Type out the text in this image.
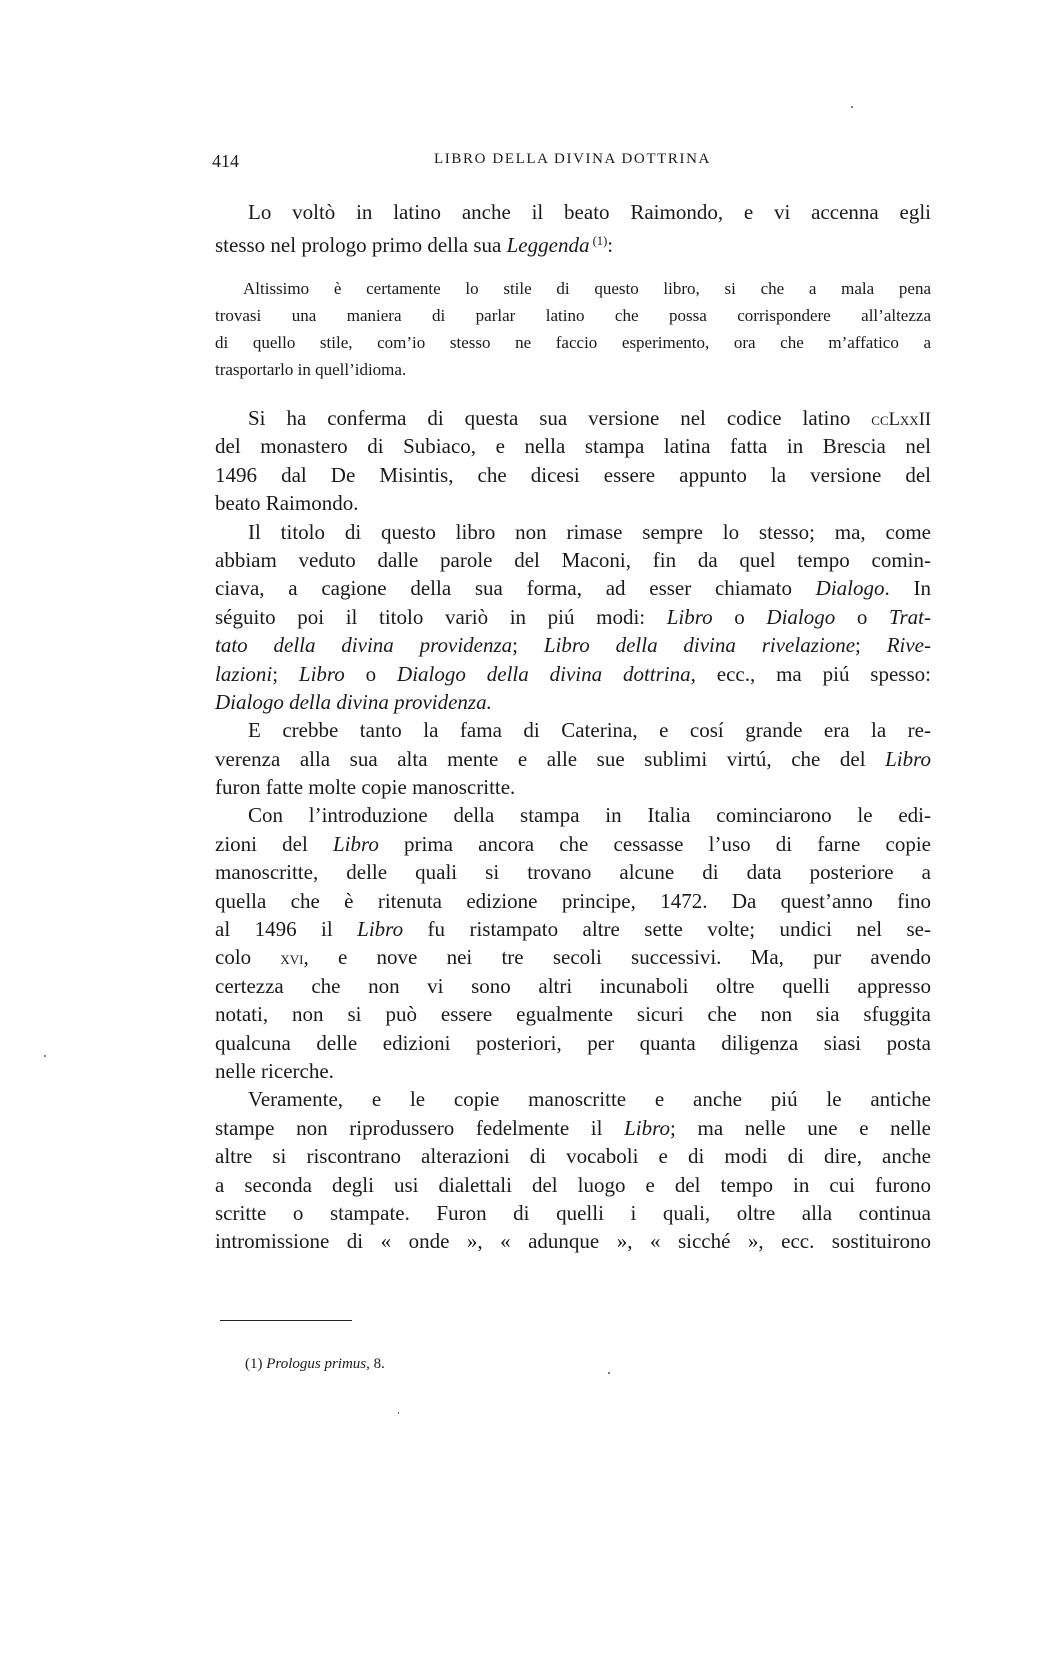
414	LIBRO DELLA DIVINA DOTTRINA
Lo voltò in latino anche il beato Raimondo, e vi accenna egli
stesso nel prologo primo della sua Leggenda $^{(1)}$:
Altissimo è certamente lo stile di questo libro, si che a mala pena
trovasi una maniera di parlar latino che possa corrispondere all’altezza
di quello stile, com’io stesso ne faccio esperimento, ora che m’affatico a
trasportarlo in quell’idioma.
Si ha conferma di questa sua versione nel codice latino ccLxxII
del monastero di Subiaco, e nella stampa latina fatta in Brescia nel
1496 dal De Misintis, che dicesi essere appunto la versione del
beato Raimondo.
Il titolo di questo libro non rimase sempre lo stesso; ma, come
abbiam veduto dalle parole del Maconi, fin da quel tempo comin-
ciava, a cagione della sua forma, ad esser chiamato Dialogo. In
séguito poi il titolo variò in piú modi: Libro o Dialogo o Trat-
tato della divina providenza; Libro della divina rivelazione; Rive-
lazioni; Libro o Dialogo della divina dottrina, ecc., ma piú spesso:
Dialogo della divina providenza.
E crebbe tanto la fama di Caterina, e cosí grande era la re-
verenza alla sua alta mente e alle sue sublimi virtú, che del Libro
furon fatte molte copie manoscritte.
Con l’introduzione della stampa in Italia cominciarono le edi-
zioni del Libro prima ancora che cessasse l’uso di farne copie
manoscritte, delle quali si trovano alcune di data posteriore a
quella che è ritenuta edizione principe, 1472. Da quest’anno fino
al 1496 il Libro fu ristampato altre sette volte; undici nel se-
colo xvi, e nove nei tre secoli successivi. Ma, pur avendo
certezza che non vi sono altri incunaboli oltre quelli appresso
notati, non si può essere egualmente sicuri che non sia sfuggita
qualcuna delle edizioni posteriori, per quanta diligenza siasi posta
nelle ricerche.
Veramente, e le copie manoscritte e anche piú le antiche
stampe non riprodussero fedelmente il Libro; ma nelle une e nelle
altre si riscontrano alterazioni di vocaboli e di modi di dire, anche
a seconda degli usi dialettali del luogo e del tempo in cui furono
scritte o stampate. Furon di quelli i quali, oltre alla continua
intromissione di « onde », « adunque », « sicché », ecc. sostituirono
(1) Prologus primus, 8.
